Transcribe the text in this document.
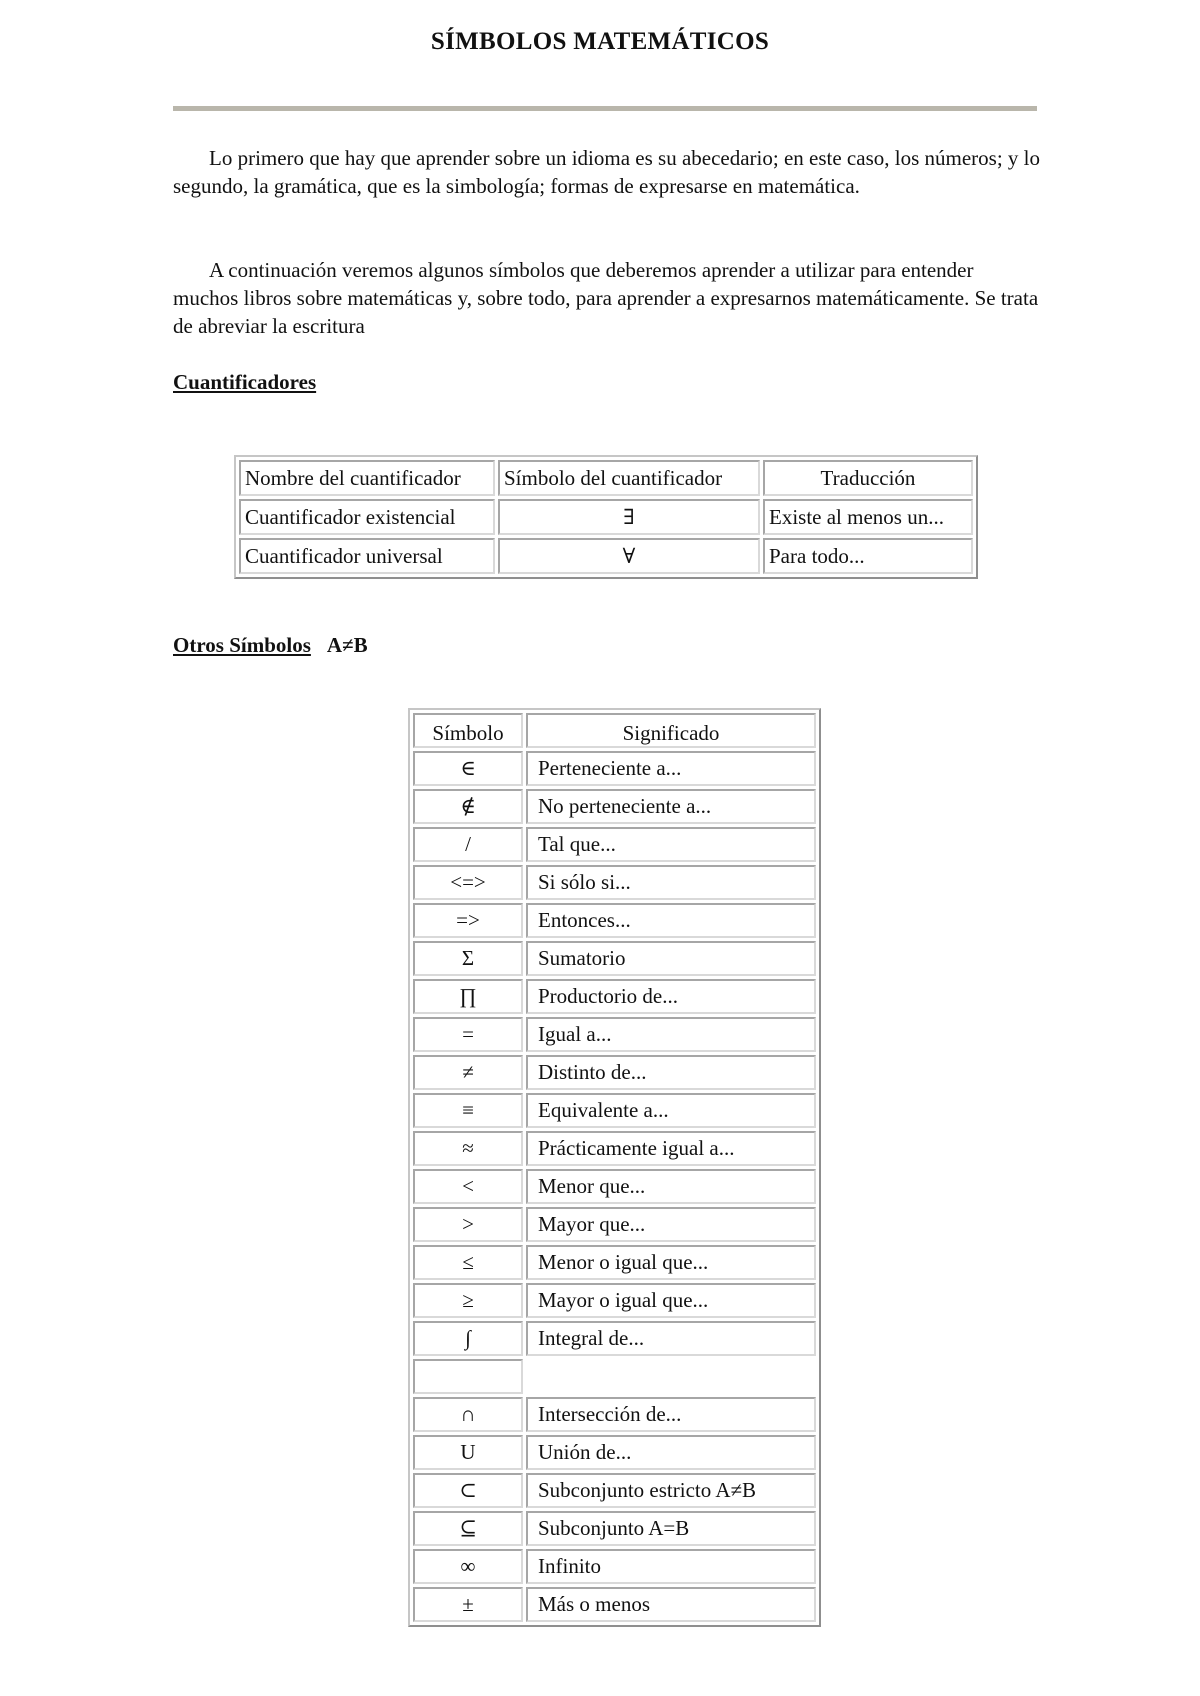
SÍMBOLOS MATEMÁTICOS

Lo primero que hay que aprender sobre un idioma es su abecedario; en este caso, los números; y lo segundo, la gramática, que es la simbología; formas de expresarse en matemática.

A continuación veremos algunos símbolos que deberemos aprender a utilizar para entender muchos libros sobre matemáticas y, sobre todo, para aprender a expresarnos matemáticamente. Se trata de abreviar la escritura

Cuantificadores
Nombre del cuantificador	Símbolo del cuantificador	Traducción
Cuantificador existencial	∃	Existe al menos un...
Cuantificador universal	∀	Para todo...
Otros Símbolos A≠B
Símbolo	Significado
∈	Perteneciente a...
∉	No perteneciente a...
/	Tal que...
<=>	Si sólo si...
=>	Entonces...
Σ	Sumatorio
∏	Productorio de...
=	Igual a...
≠	Distinto de...
≡	Equivalente a...
≈	Prácticamente igual a...
<	Menor que...
>	Mayor que...
≤	Menor o igual que...
≥	Mayor o igual que...
∫	Integral de...

∩	Intersección de...
U	Unión de...
⊂	Subconjunto estricto A≠B
⊆	Subconjunto A=B
∞	Infinito
±	Más o menos
